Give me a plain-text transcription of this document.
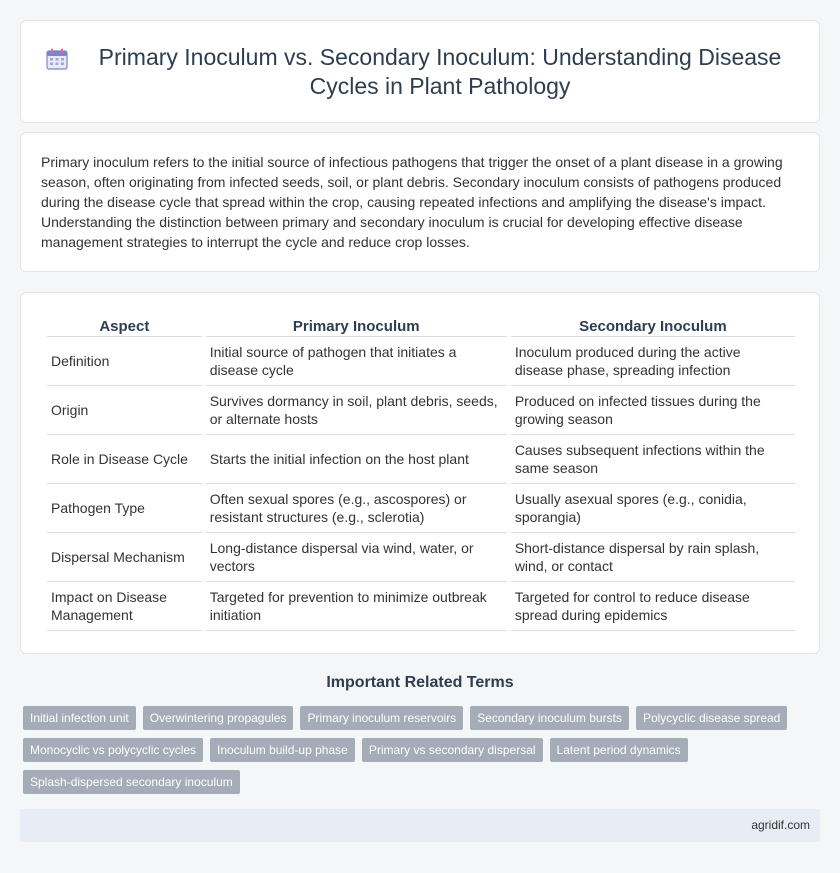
Primary Inoculum vs. Secondary Inoculum: Understanding Disease Cycles in Plant Pathology

Primary inoculum refers to the initial source of infectious pathogens that trigger the onset of a plant disease in a growing season, often originating from infected seeds, soil, or plant debris. Secondary inoculum consists of pathogens produced during the disease cycle that spread within the crop, causing repeated infections and amplifying the disease's impact. Understanding the distinction between primary and secondary inoculum is crucial for developing effective disease management strategies to interrupt the cycle and reduce crop losses.

Aspect	Primary Inoculum	Secondary Inoculum
Definition	Initial source of pathogen that initiates a disease cycle	Inoculum produced during the active disease phase, spreading infection
Origin	Survives dormancy in soil, plant debris, seeds, or alternate hosts	Produced on infected tissues during the growing season
Role in Disease Cycle	Starts the initial infection on the host plant	Causes subsequent infections within the same season
Pathogen Type	Often sexual spores (e.g., ascospores) or resistant structures (e.g., sclerotia)	Usually asexual spores (e.g., conidia, sporangia)
Dispersal Mechanism	Long-distance dispersal via wind, water, or vectors	Short-distance dispersal by rain splash, wind, or contact
Impact on Disease Management	Targeted for prevention to minimize outbreak initiation	Targeted for control to reduce disease spread during epidemics
Important Related Terms
Initial infection unit	Overwintering propagules	Primary inoculum reservoirs	Secondary inoculum bursts	Polycyclic disease spread
Monocyclic vs polycyclic cycles	Inoculum build-up phase	Primary vs secondary dispersal	Latent period dynamics
Splash-dispersed secondary inoculum
agridif.com
